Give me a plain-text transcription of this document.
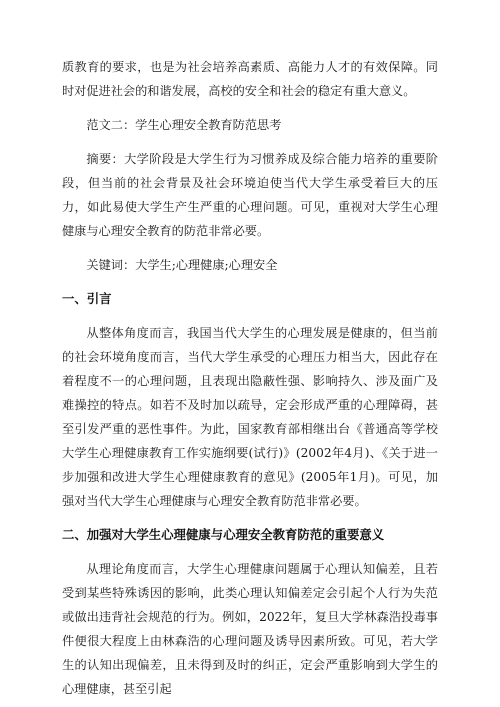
质教育的要求，也是为社会培养高素质、高能力人才的有效保障。同时对促进社会的和谐发展，高校的安全和社会的稳定有重大意义。

范文二：学生心理安全教育防范思考

摘要：大学阶段是大学生行为习惯养成及综合能力培养的重要阶段，但当前的社会背景及社会环境迫使当代大学生承受着巨大的压力，如此易使大学生产生严重的心理问题。可见，重视对大学生心理健康与心理安全教育的防范非常必要。

关键词：大学生;心理健康;心理安全

一、引言

从整体角度而言，我国当代大学生的心理发展是健康的，但当前的社会环境角度而言，当代大学生承受的心理压力相当大，因此存在着程度不一的心理问题，且表现出隐蔽性强、影响持久、涉及面广及难操控的特点。如若不及时加以疏导，定会形成严重的心理障碍，甚至引发严重的恶性事件。为此，国家教育部相继出台《普通高等学校大学生心理健康教育工作实施纲要(试行)》(2002年4月)、《关于进一步加强和改进大学生心理健康教育的意见》(2005年1月)。可见，加强对当代大学生心理健康与心理安全教育防范非常必要。

二、加强对大学生心理健康与心理安全教育防范的重要意义

从理论角度而言，大学生心理健康问题属于心理认知偏差，且若受到某些特殊诱因的影响，此类心理认知偏差定会引起个人行为失范或做出违背社会规范的行为。例如，2022年，复旦大学林森浩投毒事件便很大程度上由林森浩的心理问题及诱导因素所致。可见，若大学生的认知出现偏差，且未得到及时的纠正，定会严重影响到大学生的心理健康，甚至引起
